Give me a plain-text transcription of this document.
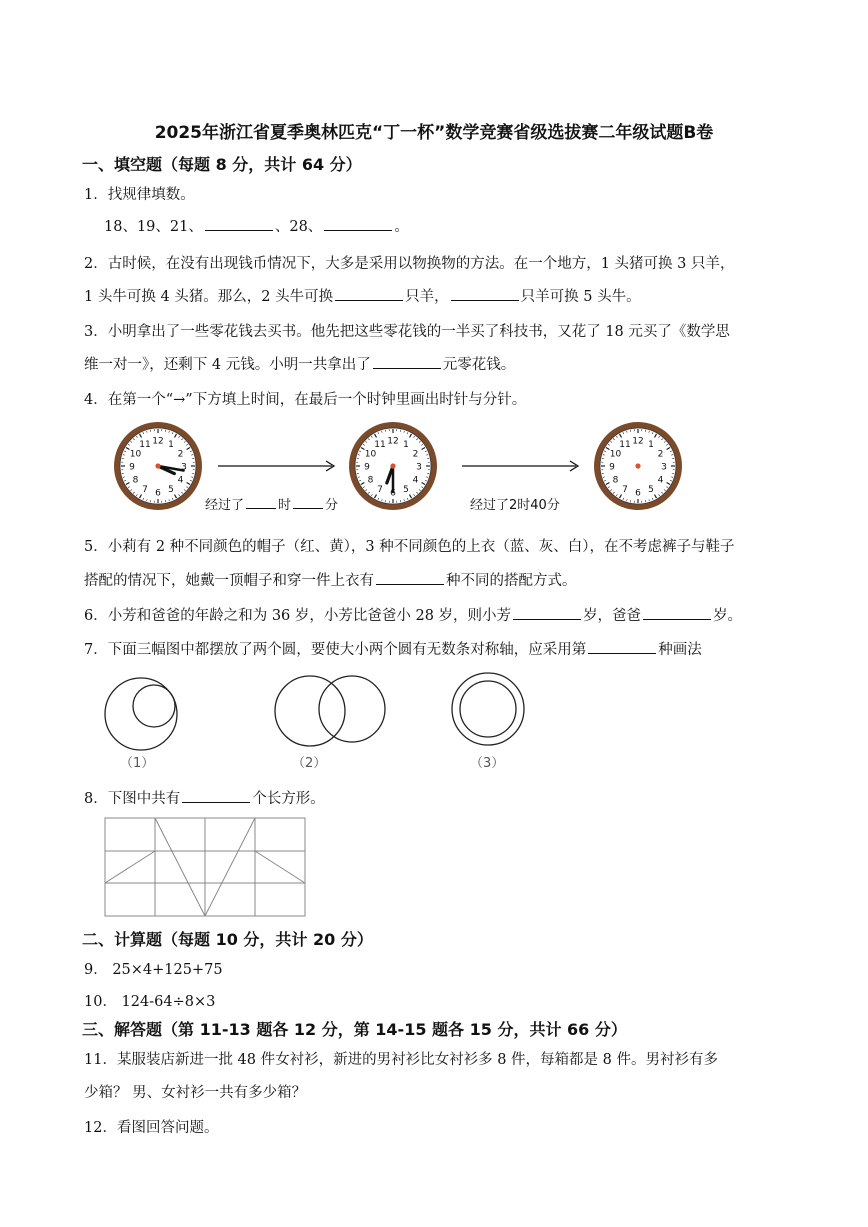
2025年浙江省夏季奥林匹克“丁一杯”数学竞赛省级选拔赛二年级试题B卷
一、填空题（每题 8 分，共计 64 分）
1．找规律填数。
18、19、21、	、28、	。
2．古时候，在没有出现钱币情况下，大多是采用以物换物的方法。在一个地方，1 头猪可换 3 只羊，
1 头牛可换 4 头猪。那么，2 头牛可换	只羊，	只羊可换 5 头牛。
3．小明拿出了一些零花钱去买书。他先把这些零花钱的一半买了科技书，又花了 18 元买了《数学思
维一对一》，还剩下 4 元钱。小明一共拿出了	元零花钱。
4．在第一个“→”下方填上时间，在最后一个时钟里画出时针与分针。
12 1
2
3
4
5
6
7
8
9
10
11	12 1
2
3
4
5
6
7
8
9
10
11	12 1
2
3
4
5
6
7
8
9
10
11
经过了	时	分	经过了2时40分
5．小莉有 2 种不同颜色的帽子（红、黄），3 种不同颜色的上衣（蓝、灰、白），在不考虑裤子与鞋子
搭配的情况下，她戴一顶帽子和穿一件上衣有	种不同的搭配方式。
6．小芳和爸爸的年龄之和为 36 岁，小芳比爸爸小 28 岁，则小芳	岁，爸爸	岁。
7．下面三幅图中都摆放了两个圆，要使大小两个圆有无数条对称轴，应采用第	种画法
（1）	（2）	（3）
8．下图中共有	个长方形。
二、计算题（每题 10 分，共计 20 分）
9． 25×4+125+75
10． 124-64÷8×3
三、解答题（第 11-13 题各 12 分，第 14-15 题各 15 分，共计 66 分）
11．某服装店新进一批 48 件女衬衫，新进的男衬衫比女衬衫多 8 件，每箱都是 8 件。男衬衫有多
少箱？ 男、女衬衫一共有多少箱？
12．看图回答问题。
